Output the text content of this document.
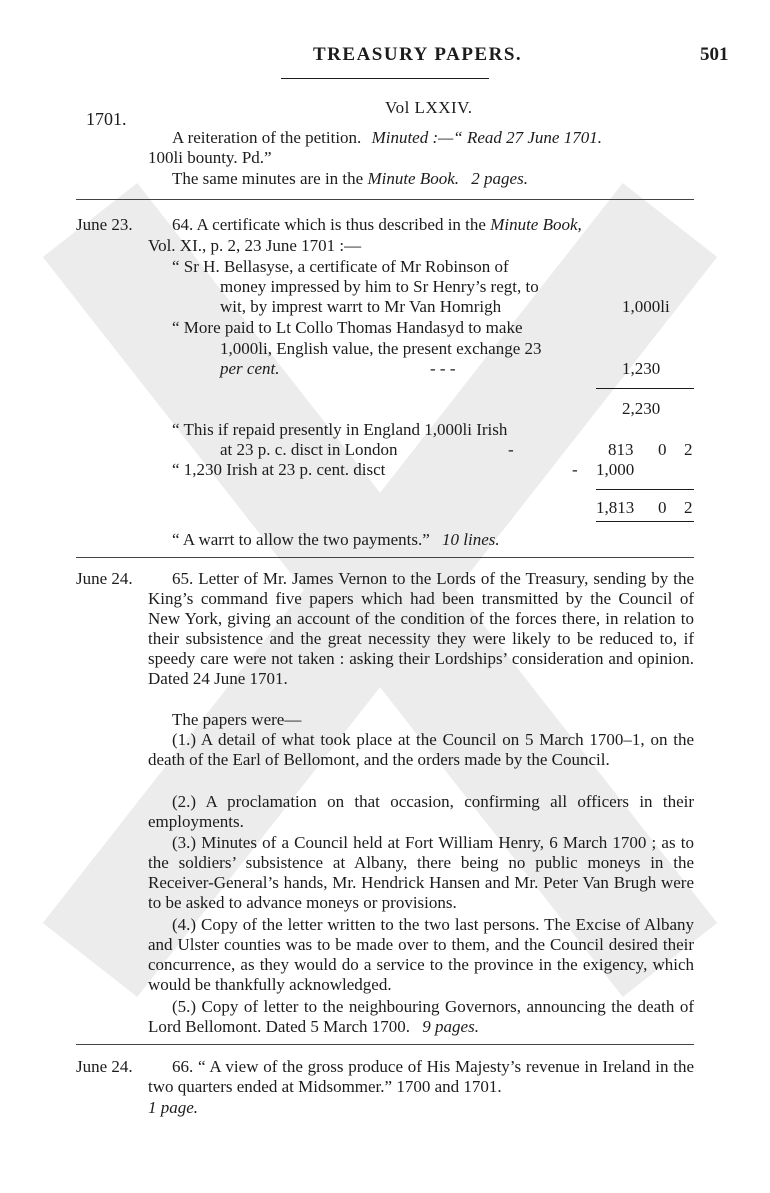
TREASURY PAPERS.	501
1701.
Vol LXXIV.
A reiteration of the petition. Minuted :—“ Read 27 June 1701.
100li bounty. Pd.”
The same minutes are in the Minute Book. 2 pages.
June 23. 64. A certificate which is thus described in the Minute Book,
Vol. XI., p. 2, 23 June 1701 :—
“ Sr H. Bellasyse, a certificate of Mr Robinson of
money impressed by him to Sr Henry’s regt, to
wit, by imprest warrt to Mr Van Homrigh	1,000li
“ More paid to Lt Collo Thomas Handasyd to make
1,000li, English value, the present exchange 23
per cent.	- - -	1,230
2,230
“ This if repaid presently in England 1,000li Irish
at 23 p. c. disct in London	-	813 0 2
“ 1,230 Irish at 23 p. cent. disct	- 1,000
1,813 0 2
“ A warrt to allow the two payments.” 10 lines.
June 24.	65. Letter of Mr. James Vernon to the Lords of the Treasury, sending by the King’s command five papers which had been transmitted by the Council of New York, giving an account of the condition of the forces there, in relation to their subsistence and the great necessity they were likely to be reduced to, if speedy care were not taken : asking their Lordships’ consideration and opinion. Dated 24 June 1701.
The papers were—
(1.) A detail of what took place at the Council on 5 March 1700–1, on the death of the Earl of Bellomont, and the orders made by the Council.
(2.) A proclamation on that occasion, confirming all officers in their employments.
(3.) Minutes of a Council held at Fort William Henry, 6 March 1700 ; as to the soldiers’ subsistence at Albany, there being no public moneys in the Receiver-General’s hands, Mr. Hendrick Hansen and Mr. Peter Van Brugh were to be asked to advance moneys or provisions.
(4.) Copy of the letter written to the two last persons. The Excise of Albany and Ulster counties was to be made over to them, and the Council desired their concurrence, as they would do a service to the province in the exigency, which would be thankfully acknowledged.
(5.) Copy of letter to the neighbouring Governors, announcing the death of Lord Bellomont. Dated 5 March 1700. 9 pages.
June 24.	66. “ A view of the gross produce of His Majesty’s revenue in Ireland in the two quarters ended at Midsommer.” 1700 and 1701.
1 page.
